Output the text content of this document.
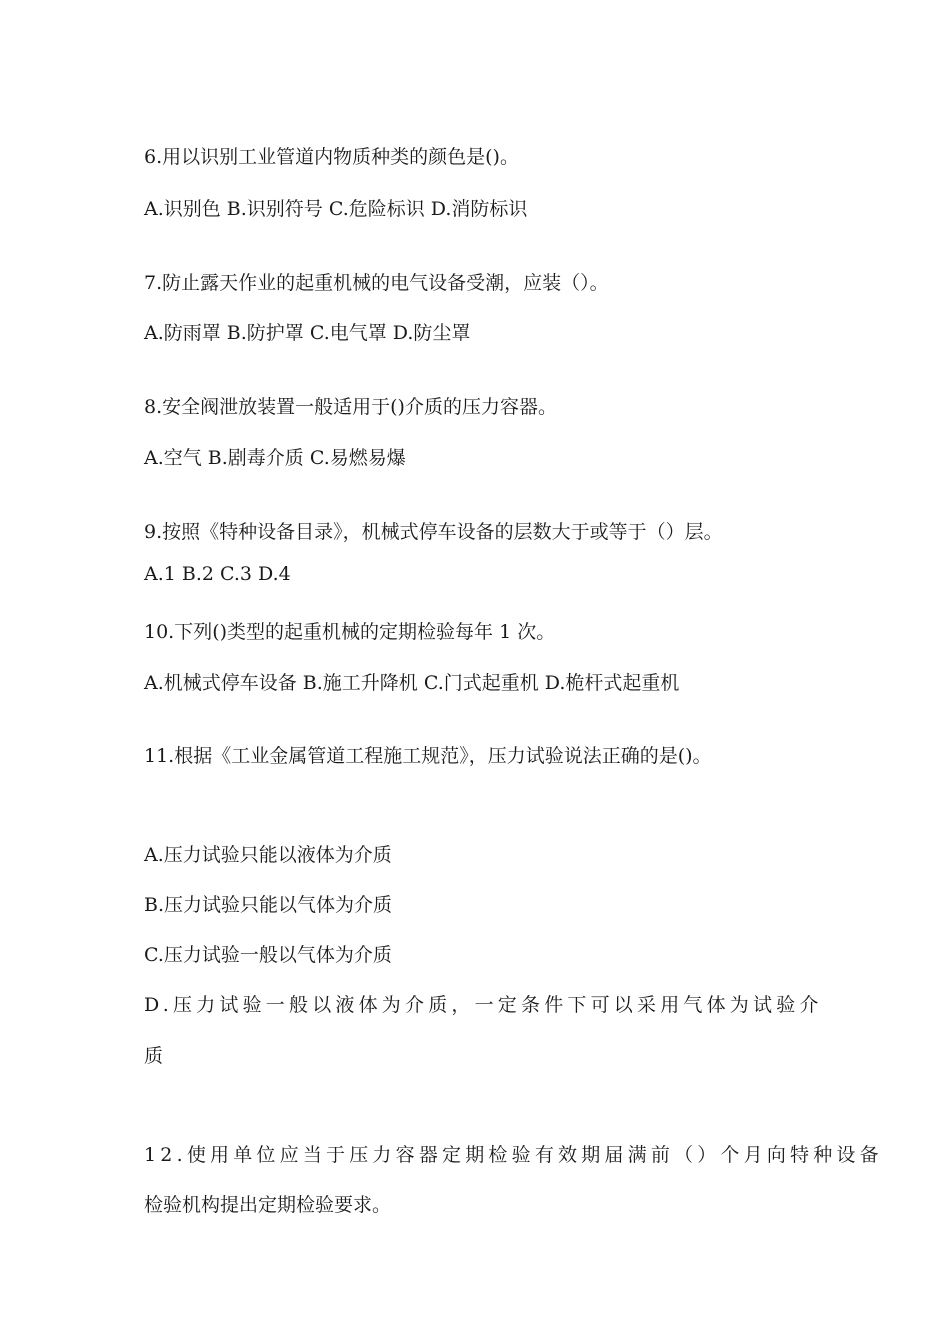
6.用以识别工业管道内物质种类的颜色是()。
A.识别色 B.识别符号 C.危险标识 D.消防标识
7.防止露天作业的起重机械的电气设备受潮，应装（）。
A.防雨罩 B.防护罩 C.电气罩 D.防尘罩
8.安全阀泄放装置一般适用于()介质的压力容器。
A.空气 B.剧毒介质 C.易燃易爆
9.按照《特种设备目录》，机械式停车设备的层数大于或等于（）层。
A.1 B.2 C.3 D.4
10.下列()类型的起重机械的定期检验每年 1 次。
A.机械式停车设备 B.施工升降机 C.门式起重机 D.桅杆式起重机
11.根据《工业金属管道工程施工规范》，压力试验说法正确的是()。
A.压力试验只能以液体为介质
B.压力试验只能以气体为介质
C.压力试验一般以气体为介质
D.压力试验一般以液体为介质，一定条件下可以采用气体为试验介
质
12.使用单位应当于压力容器定期检验有效期届满前（）个月向特种设备
检验机构提出定期检验要求。
